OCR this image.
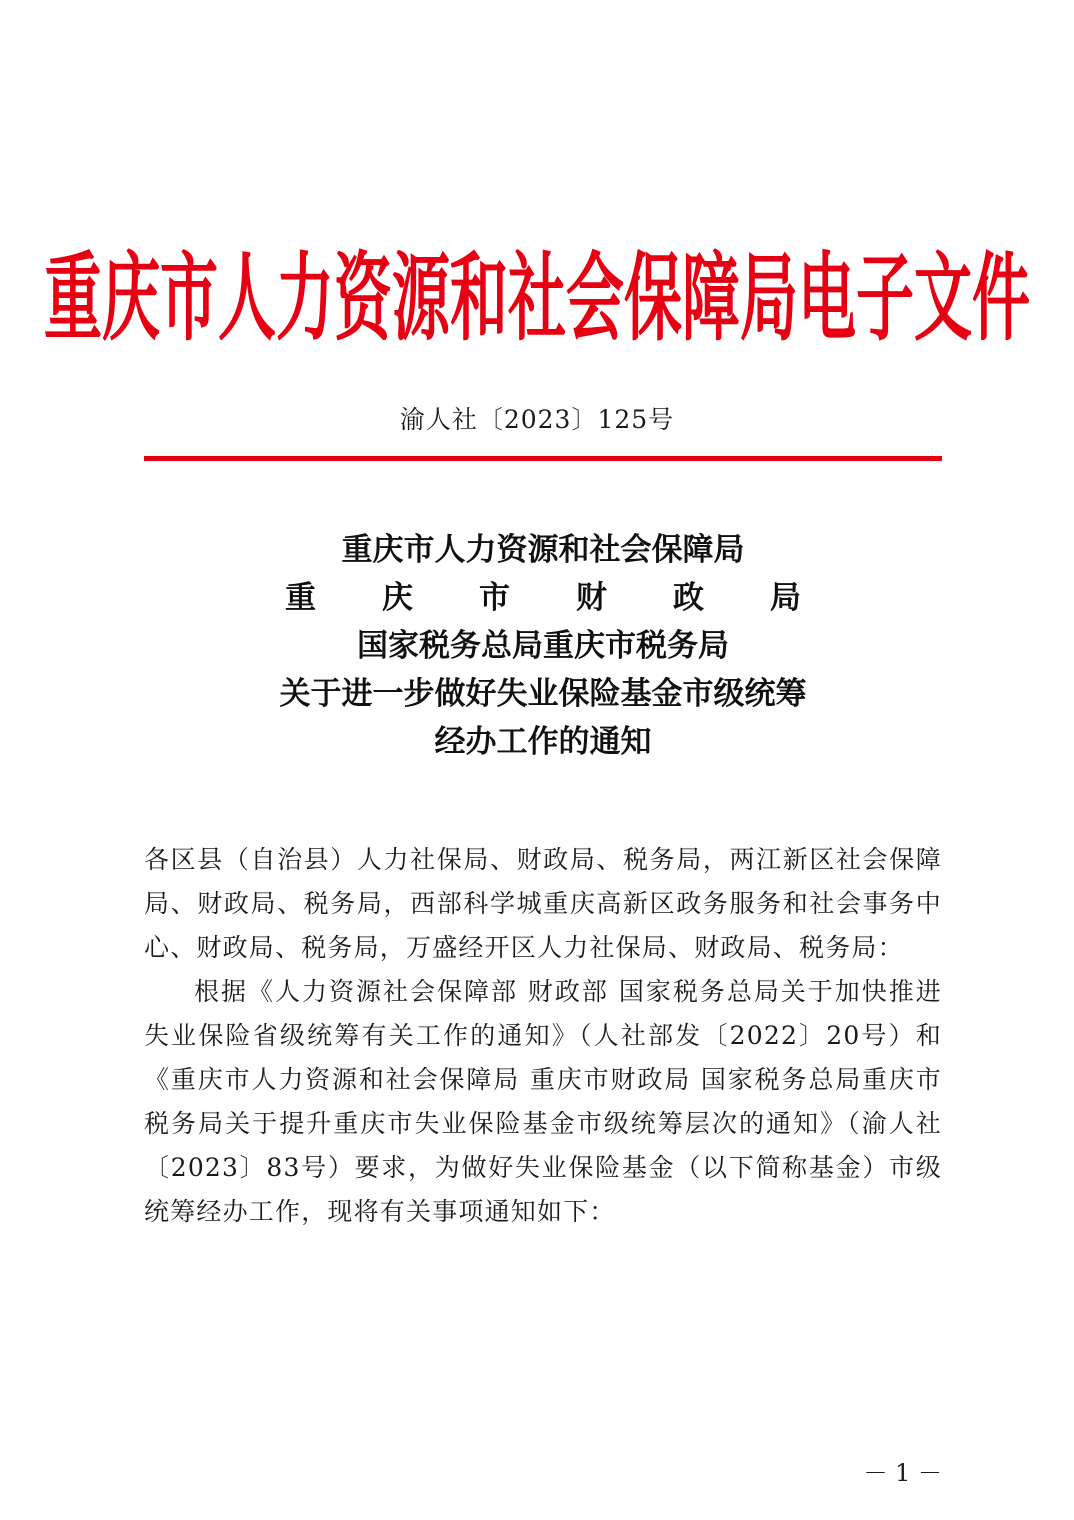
重庆市人力资源和社会保障局电子文件
渝人社〔2023〕125号
重庆市人力资源和社会保障局
重 庆 市 财 政 局
国家税务总局重庆市税务局
关于进一步做好失业保险基金市级统筹
经办工作的通知

各区县（自治县）人力社保局、财政局、税务局，两江新区社会保障局、财政局、税务局，西部科学城重庆高新区政务服务和社会事务中心、财政局、税务局，万盛经开区人力社保局、财政局、税务局：

根据《人力资源社会保障部 财政部 国家税务总局关于加快推进失业保险省级统筹有关工作的通知》（人社部发〔2022〕20号）和《重庆市人力资源和社会保障局 重庆市财政局 国家税务总局重庆市税务局关于提升重庆市失业保险基金市级统筹层次的通知》（渝人社〔2023〕83号）要求，为做好失业保险基金（以下简称基金）市级统筹经办工作，现将有关事项通知如下：

－ 1 －
